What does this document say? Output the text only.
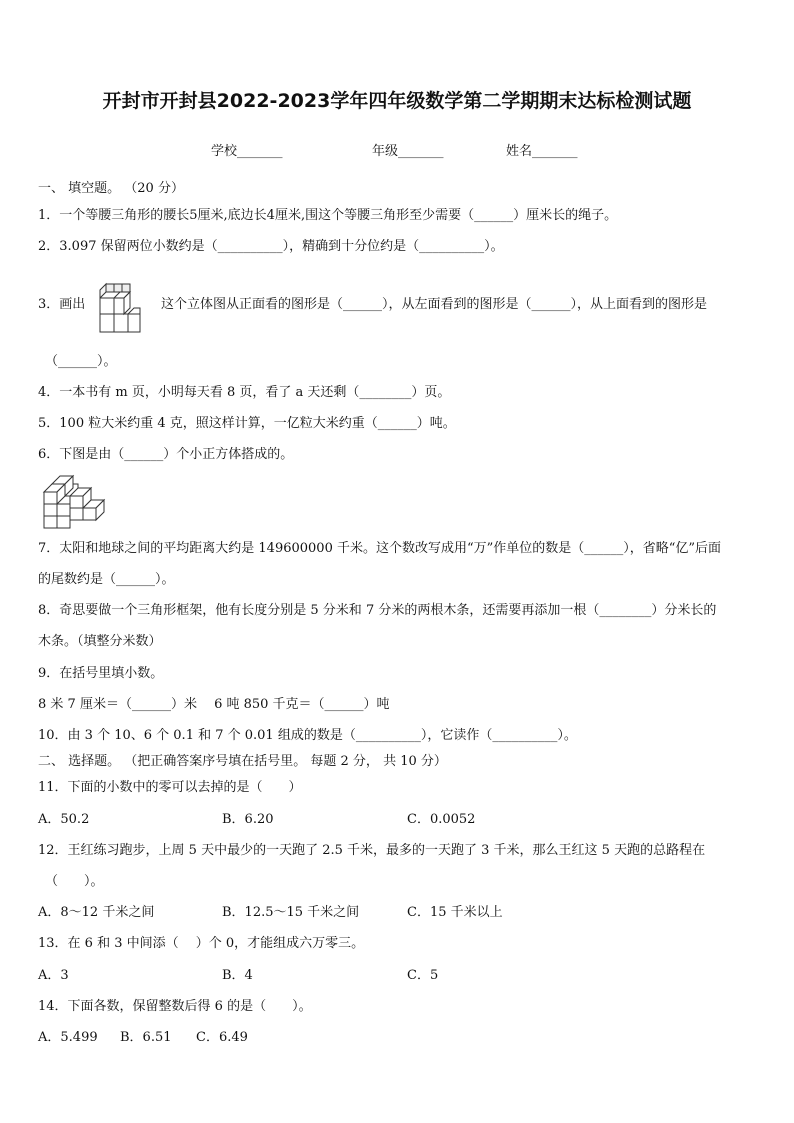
开封市开封县2022-2023学年四年级数学第二学期期末达标检测试题
学校_______	年级_______	姓名_______
一、 填空题。 （20 分）
1．一个等腰三角形的腰长5厘米,底边长4厘米,围这个等腰三角形至少需要（______）厘米长的绳子。
2．3.097 保留两位小数约是（__________），精确到十分位约是（__________）。
3．画出	这个立体图从正面看的图形是（______），从左面看到的图形是（______），从上面看到的图形是
（______）。
4．一本书有 m 页，小明每天看 8 页，看了 a 天还剩（________）页。
5．100 粒大米约重 4 克，照这样计算，一亿粒大米约重（______）吨。
6．下图是由（______）个小正方体搭成的。
7．太阳和地球之间的平均距离大约是 149600000 千米。这个数改写成用“万”作单位的数是（______），省略“亿”后面
的尾数约是（______）。
8．奇思要做一个三角形框架，他有长度分别是 5 分米和 7 分米的两根木条，还需要再添加一根（________）分米长的
木条。（填整分米数）
9．在括号里填小数。
8 米 7 厘米＝（______）米　 6 吨 850 千克＝（______）吨
10．由 3 个 10、6 个 0.1 和 7 个 0.01 组成的数是（__________），它读作（__________）。
二、 选择题。 （把正确答案序号填在括号里。 每题 2 分， 共 10 分）
11．下面的小数中的零可以去掉的是（　　）
A．50.2	B．6.20	C．0.0052
12．王红练习跑步，上周 5 天中最少的一天跑了 2.5 千米，最多的一天跑了 3 千米，那么王红这 5 天跑的总路程在
（　　）。
A．8～12 千米之间	B．12.5～15 千米之间	C．15 千米以上
13．在 6 和 3 中间添（　 ）个 0，才能组成六万零三。
A．3	B．4	C．5
14．下面各数，保留整数后得 6 的是（　　）。
A．5.499 B．6.51 C．6.49
